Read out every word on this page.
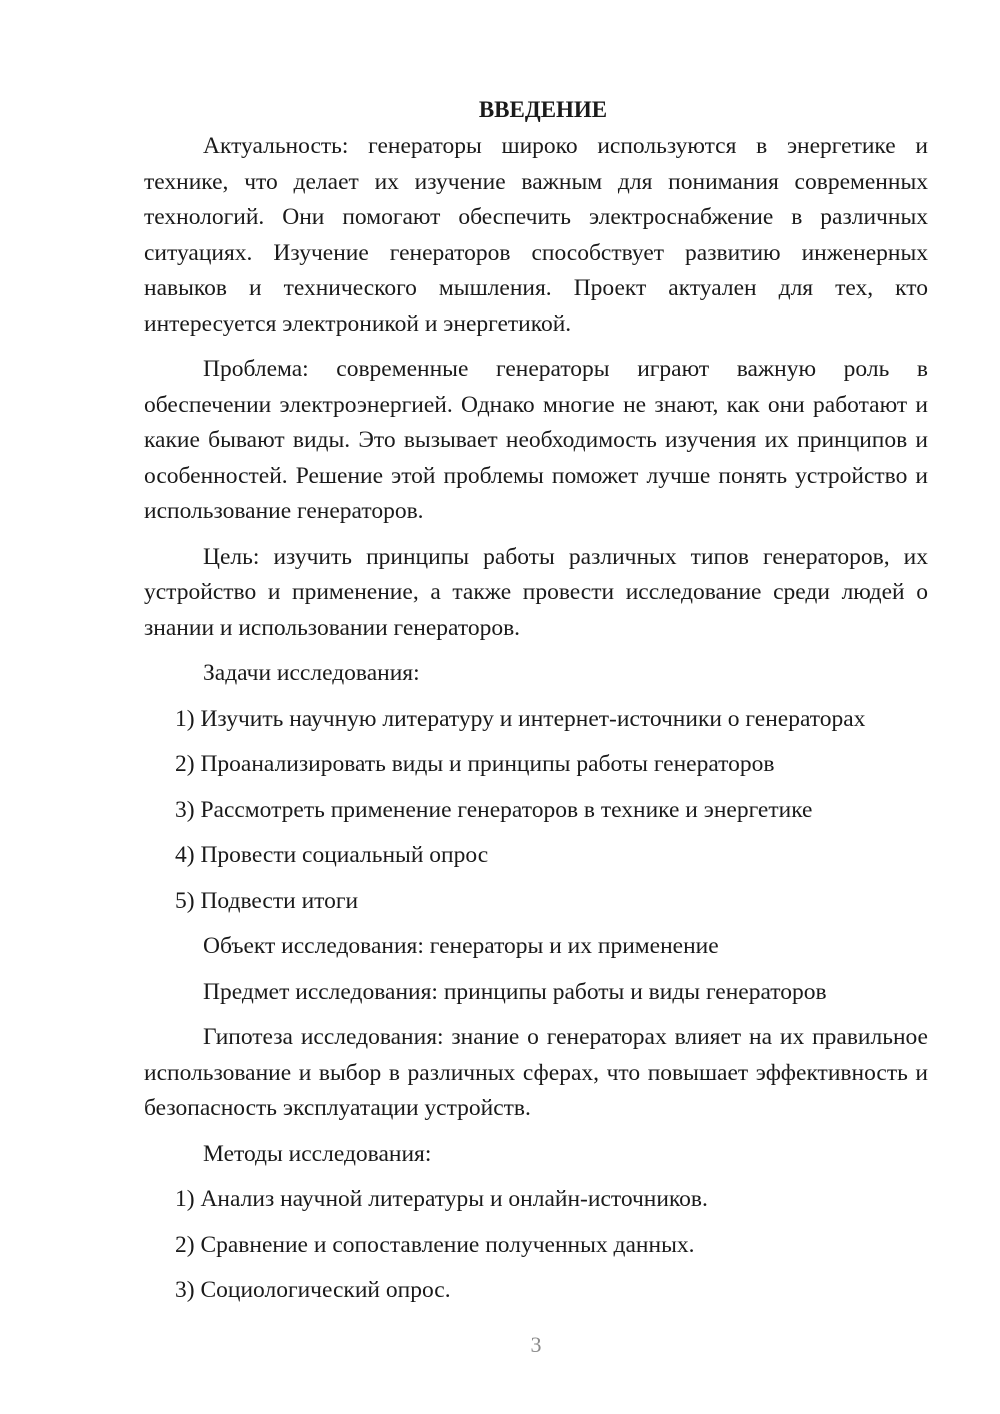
ВВЕДЕНИЕ

Актуальность: генераторы широко используются в энергетике и технике, что делает их изучение важным для понимания современных технологий. Они помогают обеспечить электроснабжение в различных ситуациях. Изучение генераторов способствует развитию инженерных навыков и технического мышления. Проект актуален для тех, кто интересуется электроникой и энергетикой.

Проблема: современные генераторы играют важную роль в обеспечении электроэнергией. Однако многие не знают, как они работают и какие бывают виды. Это вызывает необходимость изучения их принципов и особенностей. Решение этой проблемы поможет лучше понять устройство и использование генераторов.

Цель: изучить принципы работы различных типов генераторов, их устройство и применение, а также провести исследование среди людей о знании и использовании генераторов.

Задачи исследования:

1) Изучить научную литературу и интернет-источники о генераторах

2) Проанализировать виды и принципы работы генераторов

3) Рассмотреть применение генераторов в технике и энергетике

4) Провести социальный опрос

5) Подвести итоги

Объект исследования: генераторы и их применение

Предмет исследования: принципы работы и виды генераторов

Гипотеза исследования: знание о генераторах влияет на их правильное использование и выбор в различных сферах, что повышает эффективность и безопасность эксплуатации устройств.

Методы исследования:

1) Анализ научной литературы и онлайн-источников.

2) Сравнение и сопоставление полученных данных.

3) Социологический опрос.

3
